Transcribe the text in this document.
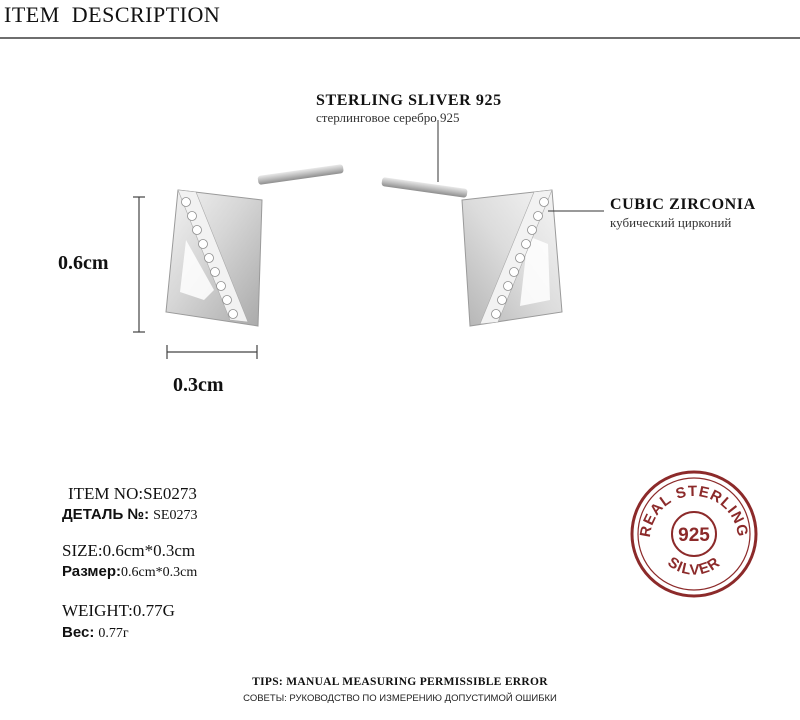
ITEM  DESCRIPTION
0.6cm
0.3cm
STERLING SLIVER 925
стерлинговое серебро 925
CUBIC ZIRCONIA
кубический цирконий
ITEM NO:SE0273
ДЕТАЛЬ №: SE0273
SIZE:0.6cm*0.3cm
Размер:0.6cm*0.3cm
WEIGHT:0.77G
Вес: 0.77г
REAL STERLING
SILVER
925
TIPS: MANUAL MEASURING PERMISSIBLE ERROR
СОВЕТЫ: РУКОВОДСТВО ПО ИЗМЕРЕНИЮ ДОПУСТИМОЙ ОШИБКИ
